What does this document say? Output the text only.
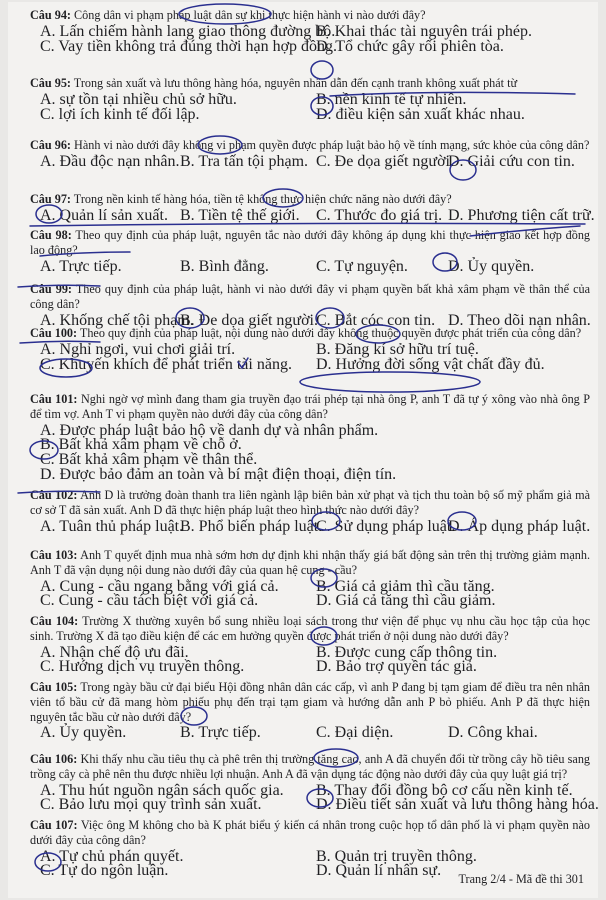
Câu 94: Công dân vi phạm pháp luật dân sự khi thực hiện hành vi nào dưới đây?

A. Lấn chiếm hành lang giao thông đường bộ.
B. Khai thác tài nguyên trái phép.
C. Vay tiền không trả đúng thời hạn hợp đồng.
D. Tổ chức gây rối phiên tòa.

Câu 95: Trong sản xuất và lưu thông hàng hóa, nguyên nhân dẫn đến cạnh tranh không xuất phát từ

A. sự tồn tại nhiều chủ sở hữu.	B. nền kinh tế tự nhiên.
C. lợi ích kinh tế đối lập.	D. điều kiện sản xuất khác nhau.

Câu 96: Hành vi nào dưới đây không vi phạm quyền được pháp luật bảo hộ về tính mạng, sức khỏe của công dân?

A. Đầu độc nạn nhân. B. Tra tấn tội phạm. C. Đe dọa giết người.
D. Giải cứu con tin.

Câu 97: Trong nền kinh tế hàng hóa, tiền tệ không thực hiện chức năng nào dưới đây?

A. Quản lí sản xuất. B. Tiền tệ thế giới. C. Thước đo giá trị. D. Phương tiện cất trữ.

Câu 98: Theo quy định của pháp luật, nguyên tắc nào dưới đây không áp dụng khi thực hiện giao kết hợp đồng lao động?

A. Trực tiếp.	B. Bình đẳng.	C. Tự nguyện.	D. Ủy quyền.

Câu 99: Theo quy định của pháp luật, hành vi nào dưới đây vi phạm quyền bất khả xâm phạm về thân thể của công dân?

A. Khống chế tội phạm.
B. Đe dọa giết người.
C. Bắt cóc con tin. D. Theo dõi nạn nhân.

Câu 100: Theo quy định của pháp luật, nội dung nào dưới đây không thuộc quyền được phát triển của công dân?

A. Nghỉ ngơi, vui chơi giải trí.	B. Đăng kí sở hữu trí tuệ.
C. Khuyến khích để phát triển tài năng. D. Hưởng đời sống vật chất đầy đủ.

Câu 101: Nghi ngờ vợ mình đang tham gia truyền đạo trái phép tại nhà ông P, anh T đã tự ý xông vào nhà ông P để tìm vợ. Anh T vi phạm quyền nào dưới đây của công dân?

A. Được pháp luật bảo hộ về danh dự và nhân phẩm.
B. Bất khả xâm phạm về chỗ ở.
C. Bất khả xâm phạm về thân thể.
D. Được bảo đảm an toàn và bí mật điện thoại, điện tín.

Câu 102: Anh D là trưởng đoàn thanh tra liên ngành lập biên bản xử phạt và tịch thu toàn bộ số mỹ phẩm giả mà cơ sở T đã sản xuất. Anh D đã thực hiện pháp luật theo hình thức nào dưới đây?

A. Tuân thủ pháp luật.
B. Phổ biến pháp luật.
C. Sử dụng pháp luật.
D. Áp dụng pháp luật.

Câu 103: Anh T quyết định mua nhà sớm hơn dự định khi nhận thấy giá bất động sản trên thị trường giảm mạnh. Anh T đã vận dụng nội dung nào dưới đây của quan hệ cung - cầu?

A. Cung - cầu ngang bằng với giá cả. B. Giá cả giảm thì cầu tăng.
C. Cung - cầu tách biệt với giá cả.	D. Giá cả tăng thì cầu giảm.

Câu 104: Trường X thường xuyên bổ sung nhiều loại sách trong thư viện để phục vụ nhu cầu học tập của học sinh. Trường X đã tạo điều kiện để các em hưởng quyền được phát triển ở nội dung nào dưới đây?

A. Nhận chế độ ưu đãi.	B. Được cung cấp thông tin.
C. Hướng dịch vụ truyền thông.	D. Bảo trợ quyền tác giả.

Câu 105: Trong ngày bầu cử đại biểu Hội đồng nhân dân các cấp, vì anh P đang bị tạm giam để điều tra nên nhân viên tổ bầu cử đã mang hòm phiếu phụ đến trại tạm giam và hướng dẫn anh P bỏ phiếu. Anh P đã thực hiện nguyên tắc bầu cử nào dưới đây?

A. Ủy quyền.	B. Trực tiếp.	C. Đại diện.	D. Công khai.

Câu 106: Khi thấy nhu cầu tiêu thụ cà phê trên thị trường tăng cao, anh A đã chuyển đổi từ trồng cây hồ tiêu sang trồng cây cà phê nên thu được nhiều lợi nhuận. Anh A đã vận dụng tác động nào dưới đây của quy luật giá trị?

A. Thu hút nguồn ngân sách quốc gia. B. Thay đổi đồng bộ cơ cấu nền kinh tế.
C. Bảo lưu mọi quy trình sản xuất.	D. Điều tiết sản xuất và lưu thông hàng hóa.

Câu 107: Việc ông M không cho bà K phát biểu ý kiến cá nhân trong cuộc họp tổ dân phố là vi phạm quyền nào dưới đây của công dân?

A. Tự chủ phán quyết.	B. Quản trị truyền thông.
C. Tự do ngôn luận.	D. Quản lí nhân sự. Trang 2/4 - Mã đề thi 301
